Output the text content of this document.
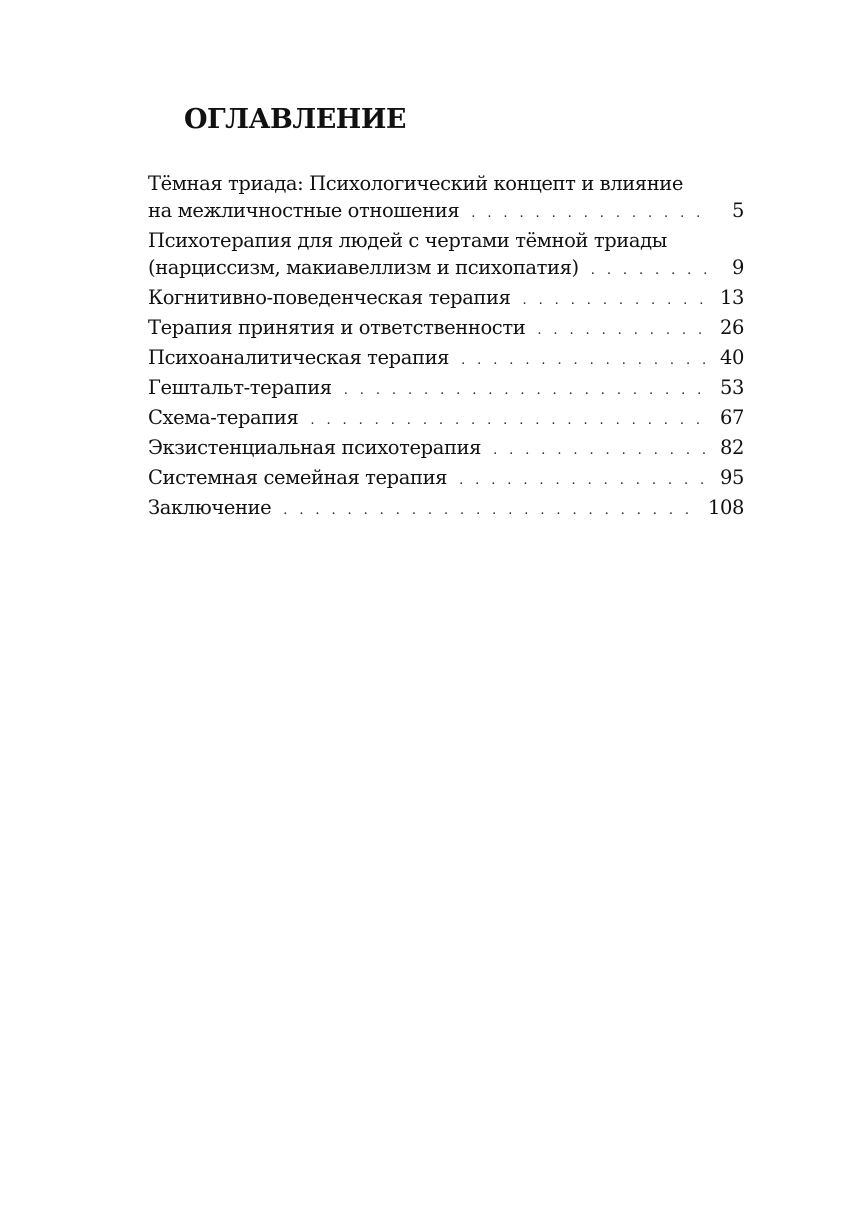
ОГЛАВЛЕНИЕ
Тёмная триада: Психологический концепт и влияние
на межличностные отношения . . .	5
Психотерапия для людей с чертами тёмной триады
(нарциссизм, макиавеллизм и психопатия) . . .	9
Когнитивно-поведенческая терапия . . .	13
Терапия принятия и ответственности . . .	26
Психоаналитическая терапия . . .	40
Гештальт-терапия . . .	53
Схема-терапия . . .	67
Экзистенциальная психотерапия . . .	82
Системная семейная терапия . . .	95
Заключение . . .	108
